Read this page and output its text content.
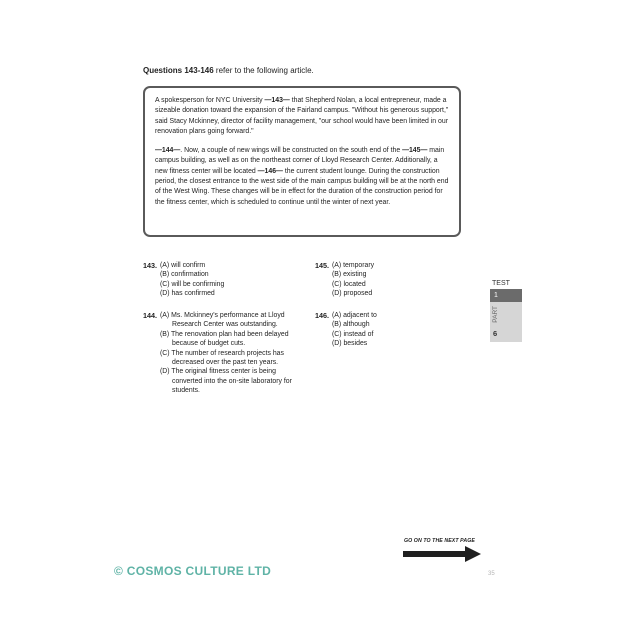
Questions 143-146 refer to the following article.

A spokesperson for NYC University —143— that Shepherd Nolan, a local entrepreneur, made a sizeable donation toward the expansion of the Fairland campus. "Without his generous support," said Stacy Mckinney, director of facility management, "our school would have been limited in our renovation plans going forward."

—144—. Now, a couple of new wings will be constructed on the south end of the —145— main campus building, as well as on the northeast corner of Lloyd Research Center. Additionally, a new fitness center will be located —146— the current student lounge. During the construction period, the closest entrance to the west side of the main campus building will be at the north end of the West Wing. These changes will be in effect for the duration of the construction period for the fitness center, which is scheduled to continue until the winter of next year.

143. (A) will confirm
(B) confirmation
(C) will be confirming
(D) has confirmed
144. (A) Ms. Mckinney's performance at Lloyd Research Center was outstanding.
(B) The renovation plan had been delayed because of budget cuts.
(C) The number of research projects has decreased over the past ten years.
(D) The original fitness center is being converted into the on-site laboratory for students.
145. (A) temporary
(B) existing
(C) located
(D) proposed
146. (A) adjacent to
(B) although
(C) instead of
(D) besides
TEST
1
PART
6
GO ON TO THE NEXT PAGE
© COSMOS CULTURE LTD	35
